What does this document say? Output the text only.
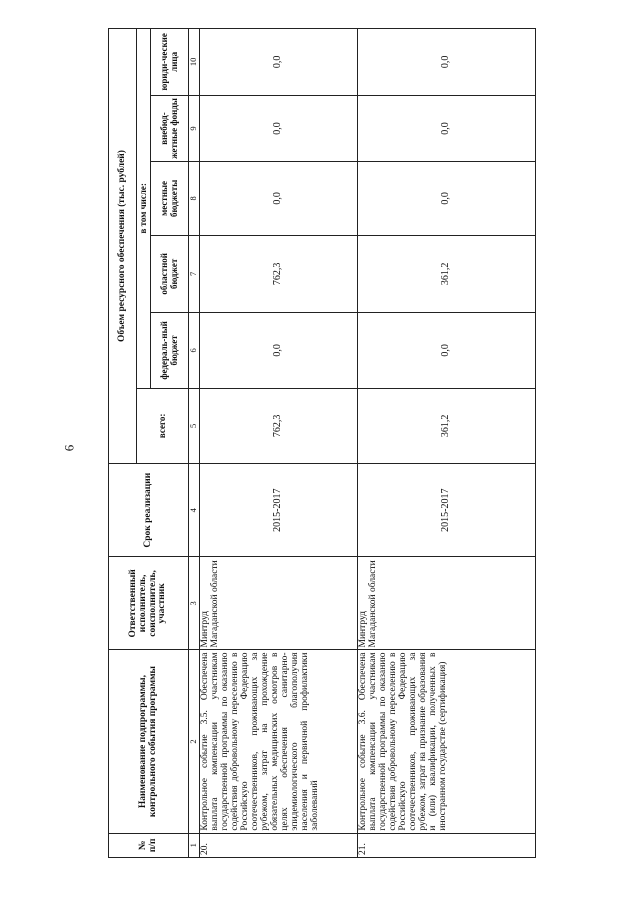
6
№ п/п	Наименование подпрограммы, контрольного события программы	Ответственный исполнитель, соисполнитель, участник	Срок реализации	Объем ресурсного обеспечения (тыс. рублей)					
				всего:	в том числе:				
					федераль-ный бюджет	областной бюджет	местные бюджеты	внебюд-жетные фонды	юриди-ческие лица
1	2	3	4	5	6	7	8	9	10
20.	Контрольное событие 3.5. Обеспечена выплата компенсации участникам государственной программы по оказанию содействия добровольному переселению в Российскую Федерацию соотечественников, проживающих за рубежом, затрат на прохождение обязательных медицинских осмотров в целях обеспечения санитарно-эпидемиологического благополучия населения и первичной профилактики заболеваний	Минтруд Магаданской области	2015-2017	762,3	0,0	762,3	0,0	0,0	0,0
21.	Контрольное событие 3.6. Обеспечена выплата компенсации участникам государственной программы по оказанию содействия добровольному переселению в Российскую Федерацию соотечественников, проживающих за рубежом, затрат на признание образования и (или) квалификации, полученных в иностранном государстве (сертификация)	Минтруд Магаданской области	2015-2017	361,2	0,0	361,2	0,0	0,0	0,0
